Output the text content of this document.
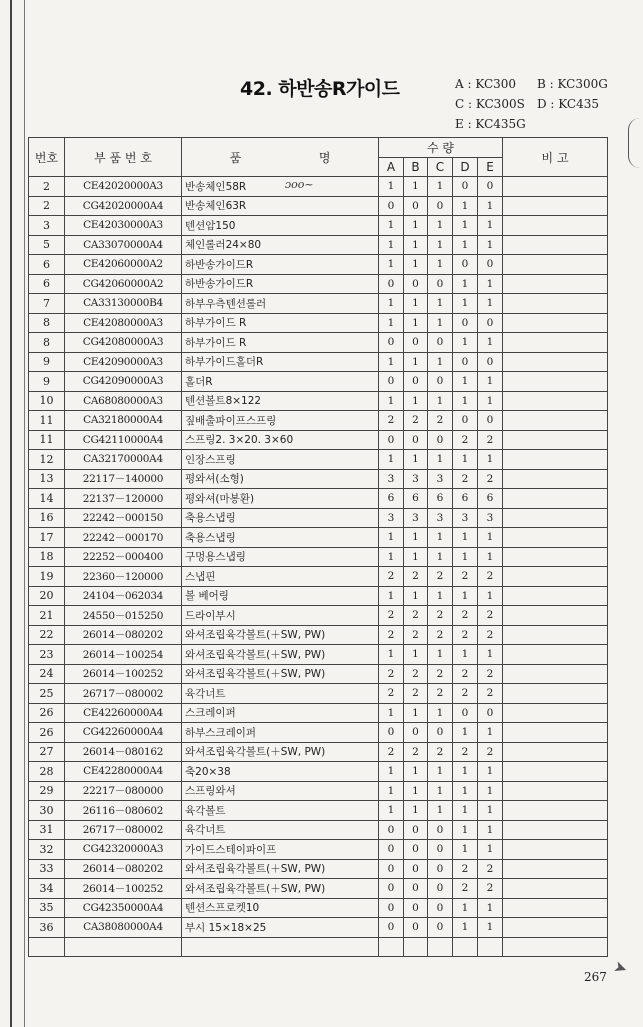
42. 하반송R가이드	A : KC300 B : KC300G
C : KC300S D : KC435
E : KC435G
번호	부 품 번 호	품 명	수 량					비 고
			A	B	C	D	E	
2	CE42020000A3	반송체인58R	1	1	1	0	0	
2	CG42020000A4	반송체인63R	0	0	0	1	1	
3	CE42030000A3	텐션암150	1	1	1	1	1	
5	CA33070000A4	체인롤러24×80	1	1	1	1	1	
6	CE42060000A2	하반송가이드R	1	1	1	0	0	
6	CG42060000A2	하반송가이드R	0	0	0	1	1	
7	CA33130000B4	하부우측텐션롤러	1	1	1	1	1	
8	CE42080000A3	하부가이드 R	1	1	1	0	0	
8	CG42080000A3	하부가이드 R	0	0	0	1	1	
9	CE42090000A3	하부가이드홀더R	1	1	1	0	0	
9	CG42090000A3	홀더R	0	0	0	1	1	
10	CA68080000A3	텐션볼트8×122	1	1	1	1	1	
11	CA32180000A4	짚배출파이프스프링	2	2	2	0	0	
11	CG42110000A4	스프링2. 3×20. 3×60	0	0	0	2	2	
12	CA32170000A4	인장스프링	1	1	1	1	1	
13	22117－140000	평와셔(소형)	3	3	3	2	2	
14	22137－120000	평와셔(마봉환)	6	6	6	6	6	
16	22242－000150	축용스냅링	3	3	3	3	3	
17	22242－000170	축용스냅링	1	1	1	1	1	
18	22252－000400	구멍용스냅링	1	1	1	1	1	
19	22360－120000	스냅핀	2	2	2	2	2	
20	24104－062034	볼 베어링	1	1	1	1	1	
21	24550－015250	드라이부시	2	2	2	2	2	
22	26014－080202	와셔조립육각볼트(＋SW, PW)	2	2	2	2	2	
23	26014－100254	와셔조립육각볼트(＋SW, PW)	1	1	1	1	1	
24	26014－100252	와셔조립육각볼트(＋SW, PW)	2	2	2	2	2	
25	26717－080002	육각너트	2	2	2	2	2	
26	CE42260000A4	스크레이퍼	1	1	1	0	0	
26	CG42260000A4	하부스크레이퍼	0	0	0	1	1	
27	26014－080162	와셔조립육각볼트(＋SW, PW)	2	2	2	2	2	
28	CE42280000A4	축20×38	1	1	1	1	1	
29	22217－080000	스프링와셔	1	1	1	1	1	
30	26116－080602	육각볼트	1	1	1	1	1	
31	26717－080002	육각너트	0	0	0	1	1	
32	CG42320000A3	가이드스테이파이프	0	0	0	1	1	
33	26014－080202	와셔조립육각볼트(＋SW, PW)	0	0	0	2	2	
34	26014－100252	와셔조립육각볼트(＋SW, PW)	0	0	0	2	2	
35	CG42350000A4	텐션스프로켓10	0	0	0	1	1	
36	CA38080000A4	부시 15×18×25	0	0	0	1	1	

ɔᴏᴏ~
➤
267
